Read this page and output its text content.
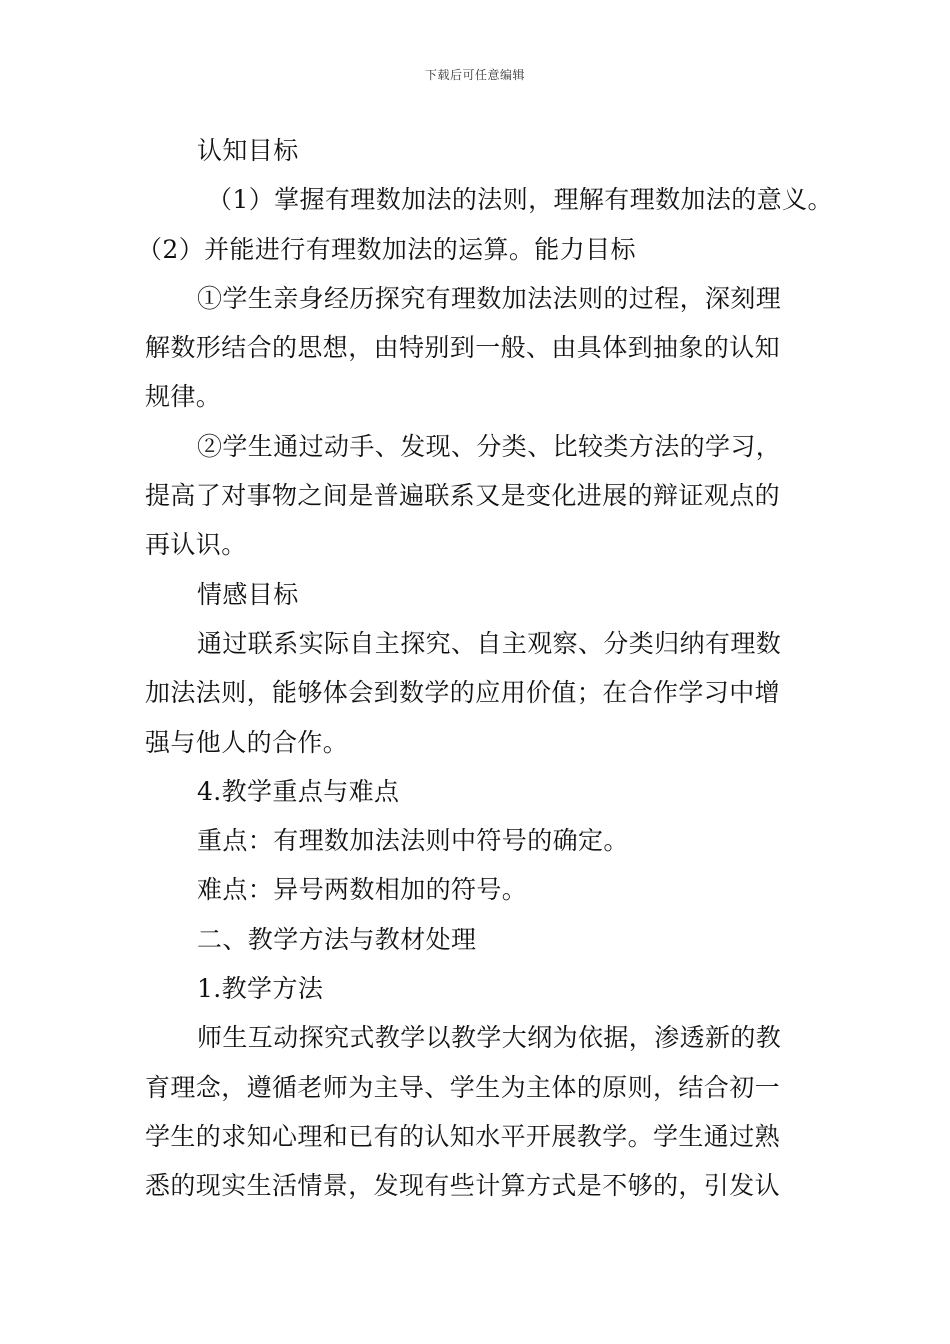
下载后可任意编辑
认知目标
（1）掌握有理数加法的法则，理解有理数加法的意义。
（2）并能进行有理数加法的运算。能力目标
①学生亲身经历探究有理数加法法则的过程，深刻理
解数形结合的思想，由特别到一般、由具体到抽象的认知
规律。
②学生通过动手、发现、分类、比较类方法的学习，
提高了对事物之间是普遍联系又是变化进展的辩证观点的
再认识。
情感目标
通过联系实际自主探究、自主观察、分类归纳有理数
加法法则，能够体会到数学的应用价值；在合作学习中增
强与他人的合作。
4.教学重点与难点
重点：有理数加法法则中符号的确定。
难点：异号两数相加的符号。
二、教学方法与教材处理
1.教学方法
师生互动探究式教学以教学大纲为依据，渗透新的教
育理念，遵循老师为主导、学生为主体的原则，结合初一
学生的求知心理和已有的认知水平开展教学。学生通过熟
悉的现实生活情景，发现有些计算方式是不够的，引发认
